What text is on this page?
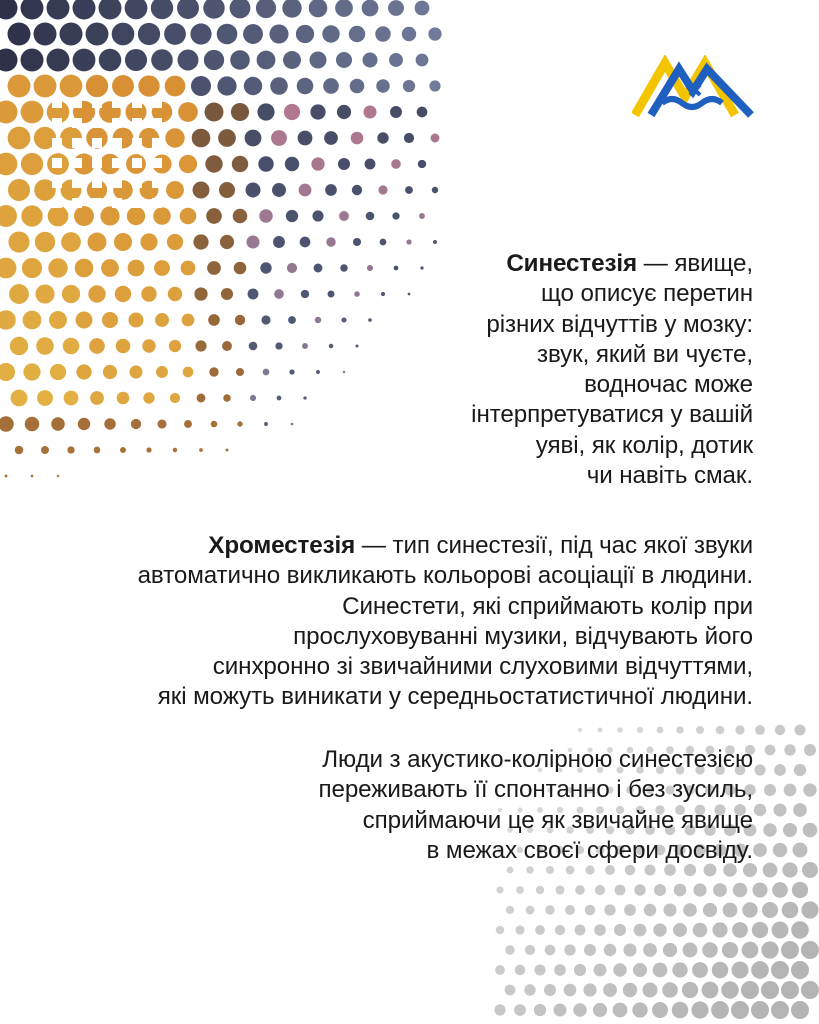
Синестезія — явище,
що описує перетин
різних відчуттів у мозку:
звук, який ви чуєте,
водночас може
інтерпретуватися у вашій
уяві, як колір, дотик
чи навіть смак.

Хроместезія — тип синестезії, під час якої звуки
автоматично викликають кольорові асоціації в людини.
Синестети, які сприймають колір при
прослуховуванні музики, відчувають його
синхронно зі звичайними слуховими відчуттями,
які можуть виникати у середньостатистичної людини.

Люди з акустико-колірною синестезією
переживають її спонтанно і без зусиль,
сприймаючи це як звичайне явище
в межах своєї сфери досвіду.
